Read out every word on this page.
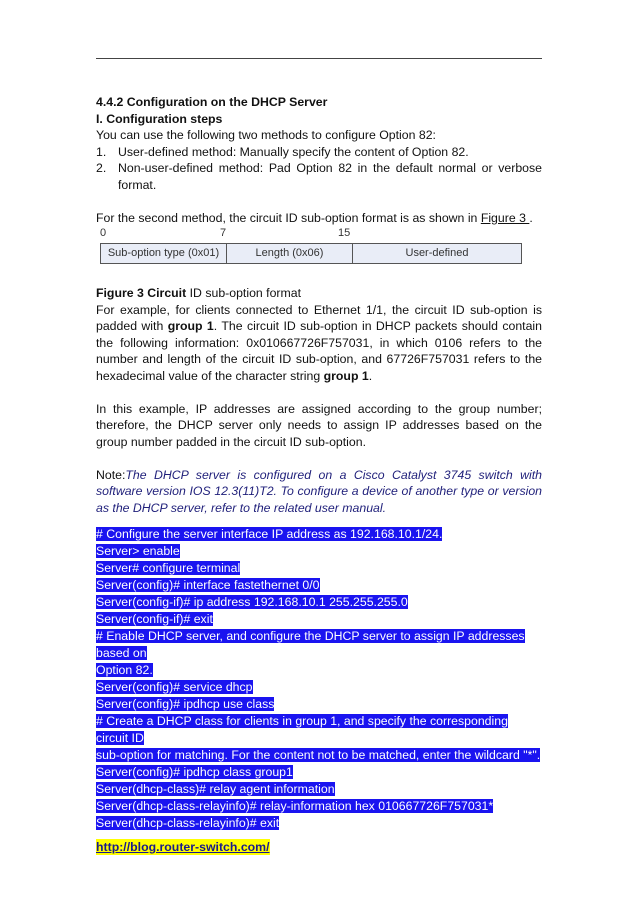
4.4.2 Configuration on the DHCP Server

I. Configuration steps

You can use the following two methods to configure Option 82:

1. User-defined method: Manually specify the content of Option 82.
2. Non-user-defined method: Pad Option 82 in the default normal or verbose format.

For the second method, the circuit ID sub-option format is as shown in Figure 3 .

0	7	15
Sub-option type (0x01)	Length (0x06)	User-defined

Figure 3 Circuit ID sub-option format

For example, for clients connected to Ethernet 1/1, the circuit ID sub-option is padded with group 1. The circuit ID sub-option in DHCP packets should contain the following information: 0x010667726F757031, in which 0106 refers to the number and length of the circuit ID sub-option, and 67726F757031 refers to the hexadecimal value of the character string group 1.

In this example, IP addresses are assigned according to the group number; therefore, the DHCP server only needs to assign IP addresses based on the group number padded in the circuit ID sub-option.

Note:The DHCP server is configured on a Cisco Catalyst 3745 switch with software version IOS 12.3(11)T2. To configure a device of another type or version as the DHCP server, refer to the related user manual.

# Configure the server interface IP address as 192.168.10.1/24.
Server> enable
Server# configure terminal
Server(config)# interface fastethernet 0/0
Server(config-if)# ip address 192.168.10.1 255.255.255.0
Server(config-if)# exit
# Enable DHCP server, and configure the DHCP server to assign IP addresses based on
Option 82.
Server(config)# service dhcp
Server(config)# ipdhcp use class
# Create a DHCP class for clients in group 1, and specify the corresponding circuit ID
sub-option for matching. For the content not to be matched, enter the wildcard "*".
Server(config)# ipdhcp class group1
Server(dhcp-class)# relay agent information
Server(dhcp-class-relayinfo)# relay-information hex 010667726F757031*
Server(dhcp-class-relayinfo)# exit
http://blog.router-switch.com/
